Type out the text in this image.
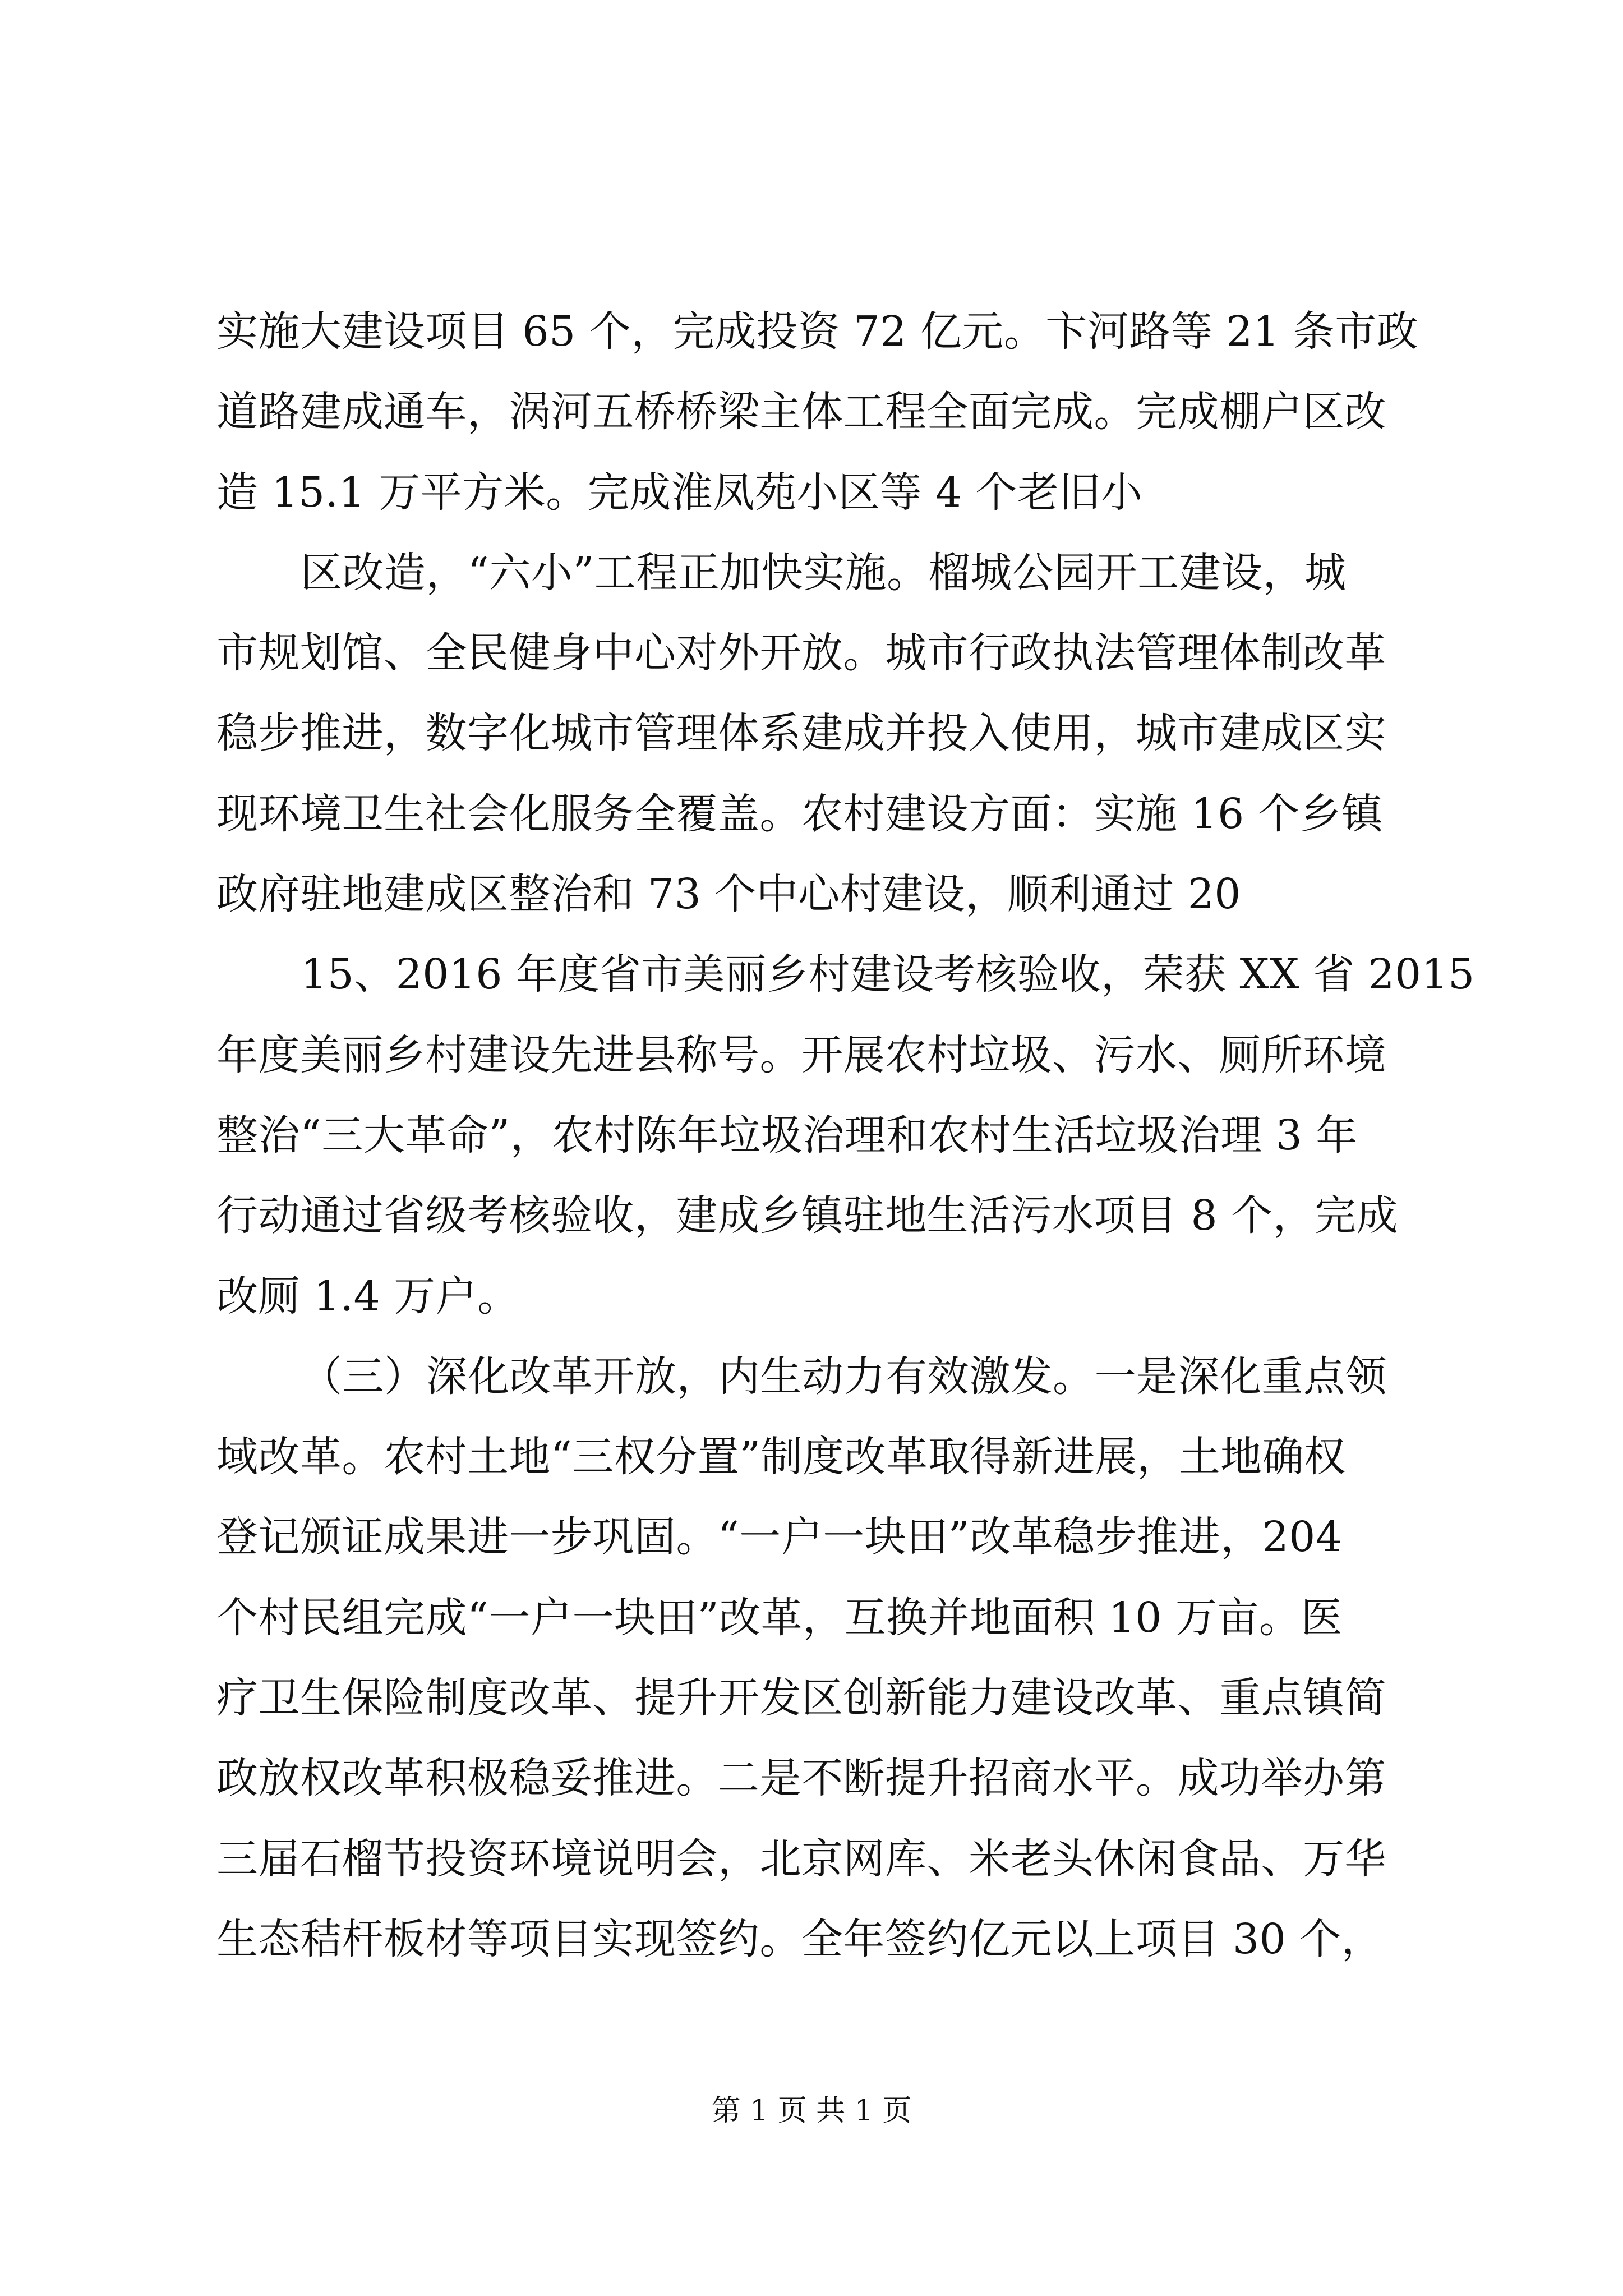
实施大建设项目 65 个，完成投资 72 亿元。卞河路等 21 条市政
道路建成通车，涡河五桥桥梁主体工程全面完成。完成棚户区改
造 15.1 万平方米。完成淮凤苑小区等 4 个老旧小
区改造，“六小”工程正加快实施。榴城公园开工建设，城
市规划馆、全民健身中心对外开放。城市行政执法管理体制改革
稳步推进，数字化城市管理体系建成并投入使用，城市建成区实
现环境卫生社会化服务全覆盖。农村建设方面：实施 16 个乡镇
政府驻地建成区整治和 73 个中心村建设，顺利通过 20
15、2016 年度省市美丽乡村建设考核验收，荣获 XX 省 2015
年度美丽乡村建设先进县称号。开展农村垃圾、污水、厕所环境
整治“三大革命”，农村陈年垃圾治理和农村生活垃圾治理 3 年
行动通过省级考核验收，建成乡镇驻地生活污水项目 8 个，完成
改厕 1.4 万户。
（三）深化改革开放，内生动力有效激发。一是深化重点领
域改革。农村土地“三权分置”制度改革取得新进展，土地确权
登记颁证成果进一步巩固。“一户一块田”改革稳步推进，204
个村民组完成“一户一块田”改革，互换并地面积 10 万亩。医
疗卫生保险制度改革、提升开发区创新能力建设改革、重点镇简
政放权改革积极稳妥推进。二是不断提升招商水平。成功举办第
三届石榴节投资环境说明会，北京网库、米老头休闲食品、万华
生态秸杆板材等项目实现签约。全年签约亿元以上项目 30 个，
第 1 页 共 1 页
